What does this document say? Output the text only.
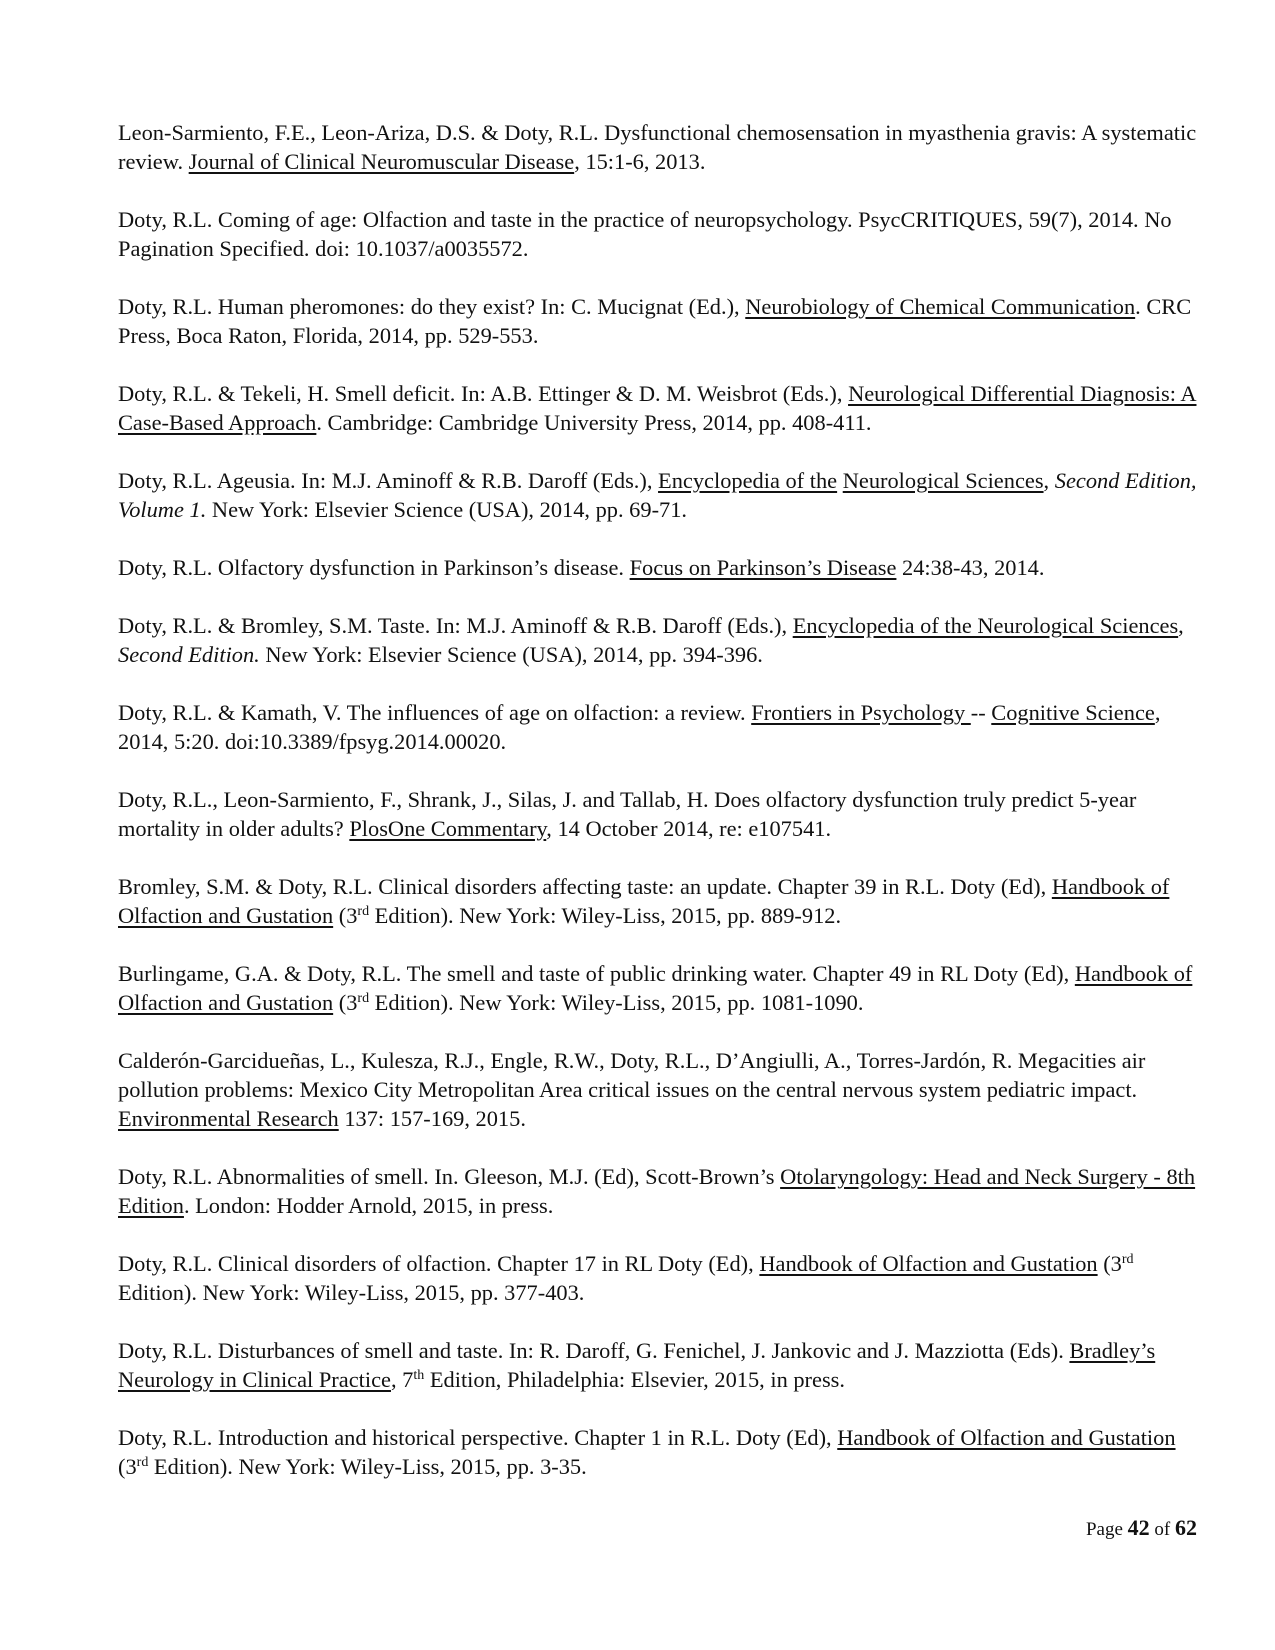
Leon-Sarmiento, F.E., Leon-Ariza, D.S. & Doty, R.L. Dysfunctional chemosensation in myasthenia gravis: A systematic review. Journal of Clinical Neuromuscular Disease, 15:1-6, 2013.

Doty, R.L. Coming of age: Olfaction and taste in the practice of neuropsychology. PsycCRITIQUES, 59(7), 2014. No Pagination Specified. doi: 10.1037/a0035572.

Doty, R.L. Human pheromones: do they exist? In: C. Mucignat (Ed.), Neurobiology of Chemical Communication. CRC Press, Boca Raton, Florida, 2014, pp. 529-553.

Doty, R.L. & Tekeli, H. Smell deficit. In: A.B. Ettinger & D. M. Weisbrot (Eds.), Neurological Differential Diagnosis: A Case-Based Approach. Cambridge: Cambridge University Press, 2014, pp. 408-411.

Doty, R.L. Ageusia. In: M.J. Aminoff & R.B. Daroff (Eds.), Encyclopedia of the Neurological Sciences, Second Edition, Volume 1. New York: Elsevier Science (USA), 2014, pp. 69-71.

Doty, R.L. Olfactory dysfunction in Parkinson’s disease. Focus on Parkinson’s Disease 24:38-43, 2014.

Doty, R.L. & Bromley, S.M. Taste. In: M.J. Aminoff & R.B. Daroff (Eds.), Encyclopedia of the Neurological Sciences, Second Edition. New York: Elsevier Science (USA), 2014, pp. 394-396.

Doty, R.L. & Kamath, V. The influences of age on olfaction: a review. Frontiers in Psychology -- Cognitive Science, 2014, 5:20. doi:10.3389/fpsyg.2014.00020.

Doty, R.L., Leon-Sarmiento, F., Shrank, J., Silas, J. and Tallab, H. Does olfactory dysfunction truly predict 5-year mortality in older adults? PlosOne Commentary, 14 October 2014, re: e107541.

Bromley, S.M. & Doty, R.L. Clinical disorders affecting taste: an update. Chapter 39 in R.L. Doty (Ed), Handbook of Olfaction and Gustation (3rd Edition). New York: Wiley-Liss, 2015, pp. 889-912.

Burlingame, G.A. & Doty, R.L. The smell and taste of public drinking water. Chapter 49 in RL Doty (Ed), Handbook of Olfaction and Gustation (3rd Edition). New York: Wiley-Liss, 2015, pp. 1081-1090.

Calderón-Garcidueñas, L., Kulesza, R.J., Engle, R.W., Doty, R.L., D’Angiulli, A., Torres-Jardón, R. Megacities air pollution problems: Mexico City Metropolitan Area critical issues on the central nervous system pediatric impact. Environmental Research 137: 157-169, 2015.

Doty, R.L. Abnormalities of smell. In. Gleeson, M.J. (Ed), Scott-Brown’s Otolaryngology: Head and Neck Surgery - 8th Edition. London: Hodder Arnold, 2015, in press.

Doty, R.L. Clinical disorders of olfaction. Chapter 17 in RL Doty (Ed), Handbook of Olfaction and Gustation (3rd Edition). New York: Wiley-Liss, 2015, pp. 377-403.

Doty, R.L. Disturbances of smell and taste. In: R. Daroff, G. Fenichel, J. Jankovic and J. Mazziotta (Eds). Bradley’s Neurology in Clinical Practice, 7th Edition, Philadelphia: Elsevier, 2015, in press.

Doty, R.L. Introduction and historical perspective. Chapter 1 in R.L. Doty (Ed), Handbook of Olfaction and Gustation (3rd Edition). New York: Wiley-Liss, 2015, pp. 3-35.

Page 42 of 62
